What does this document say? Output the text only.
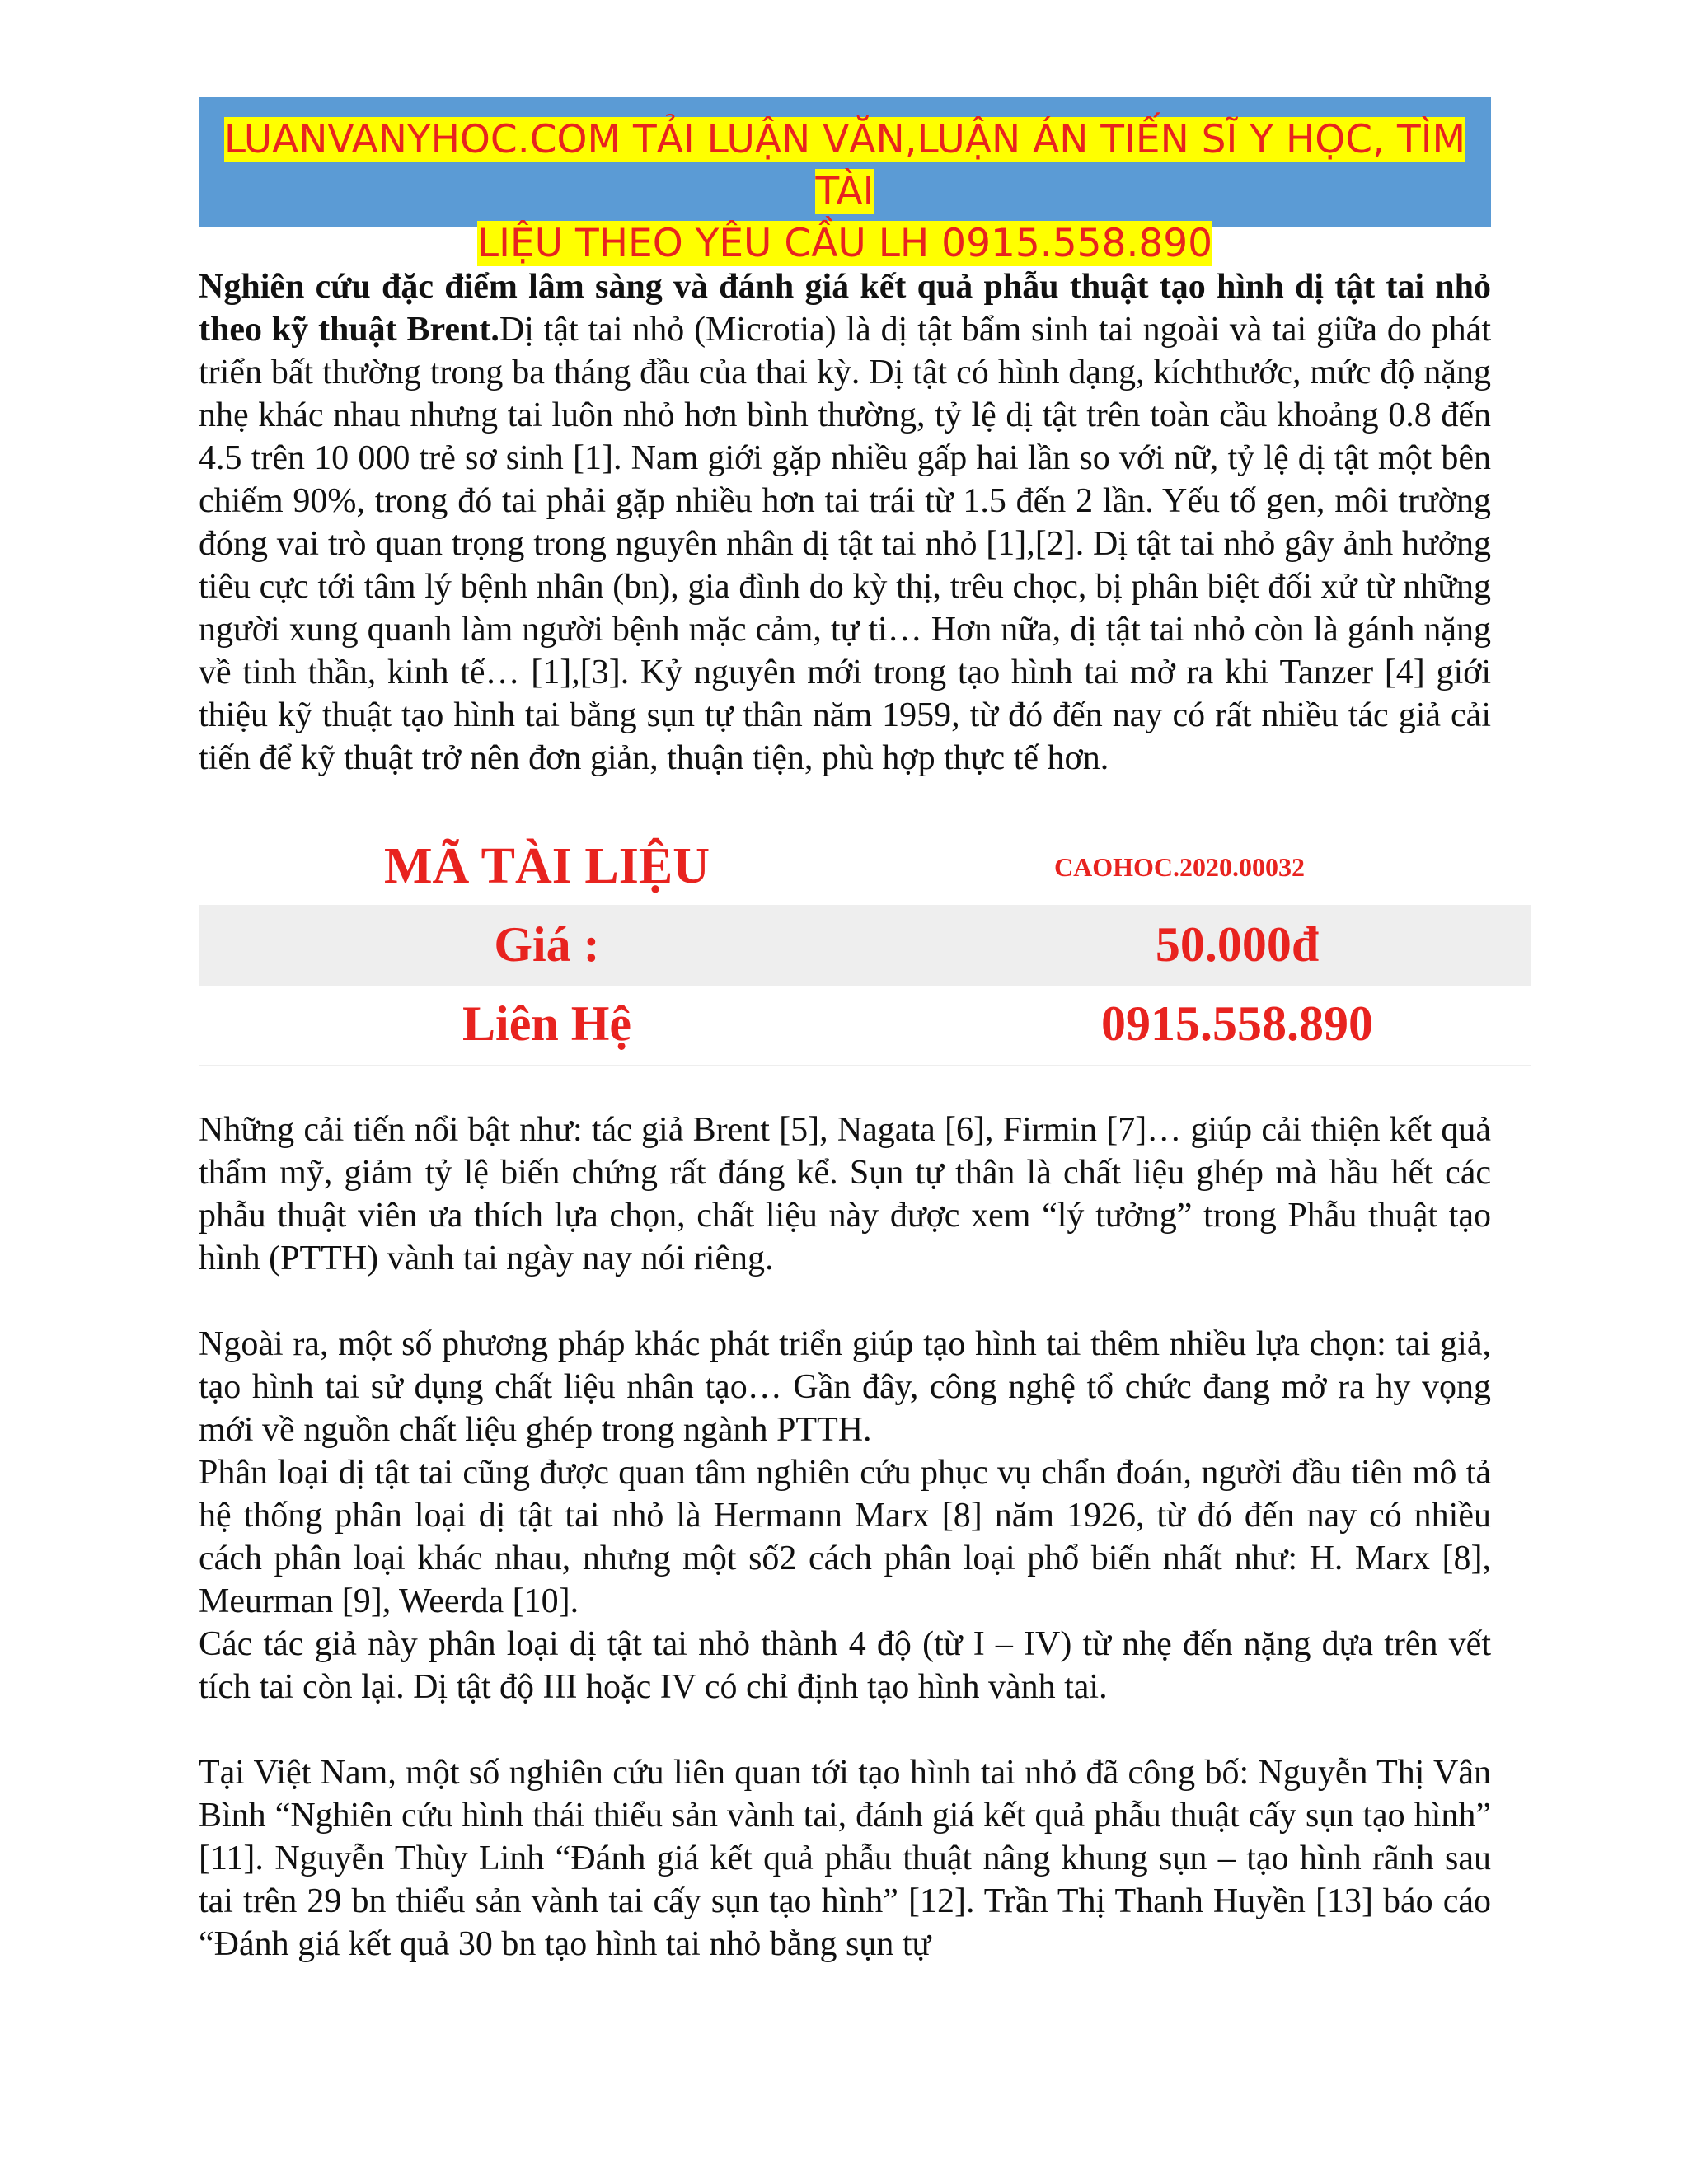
LUANVANYHOC.COM TẢI LUẬN VĂN,LUẬN ÁN TIẾN SĨ Y HỌC, TÌM TÀI
LIỆU THEO YÊU CẦU LH 0915.558.890

Nghiên cứu đặc điểm lâm sàng và đánh giá kết quả phẫu thuật tạo hình dị tật tai nhỏ theo kỹ thuật Brent.Dị tật tai nhỏ (Microtia) là dị tật bẩm sinh tai ngoài và tai giữa do phát triển bất thường trong ba tháng đầu của thai kỳ. Dị tật có hình dạng, kíchthước, mức độ nặng nhẹ khác nhau nhưng tai luôn nhỏ hơn bình thường, tỷ lệ dị tật trên toàn cầu khoảng 0.8 đến 4.5 trên 10 000 trẻ sơ sinh [1]. Nam giới gặp nhiều gấp hai lần so với nữ, tỷ lệ dị tật một bên chiếm 90%, trong đó tai phải gặp nhiều hơn tai trái từ 1.5 đến 2 lần. Yếu tố gen, môi trường đóng vai trò quan trọng trong nguyên nhân dị tật tai nhỏ [1],[2]. Dị tật tai nhỏ gây ảnh hưởng tiêu cực tới tâm lý bệnh nhân (bn), gia đình do kỳ thị, trêu chọc, bị phân biệt đối xử từ những người xung quanh làm người bệnh mặc cảm, tự ti… Hơn nữa, dị tật tai nhỏ còn là gánh nặng về tinh thần, kinh tế… [1],[3]. Kỷ nguyên mới trong tạo hình tai mở ra khi Tanzer [4] giới thiệu kỹ thuật tạo hình tai bằng sụn tự thân năm 1959, từ đó đến nay có rất nhiều tác giả cải tiến để kỹ thuật trở nên đơn giản, thuận tiện, phù hợp thực tế hơn.

MÃ TÀI LIỆU	CAOHOC.2020.00032
Giá :	50.000đ
Liên Hệ	0915.558.890

Những cải tiến nổi bật như: tác giả Brent [5], Nagata [6], Firmin [7]… giúp cải thiện kết quả thẩm mỹ, giảm tỷ lệ biến chứng rất đáng kể. Sụn tự thân là chất liệu ghép mà hầu hết các phẫu thuật viên ưa thích lựa chọn, chất liệu này được xem “lý tưởng” trong Phẫu thuật tạo hình (PTTH) vành tai ngày nay nói riêng.

Ngoài ra, một số phương pháp khác phát triển giúp tạo hình tai thêm nhiều lựa chọn: tai giả, tạo hình tai sử dụng chất liệu nhân tạo… Gần đây, công nghệ tổ chức đang mở ra hy vọng mới về nguồn chất liệu ghép trong ngành PTTH.

Phân loại dị tật tai cũng được quan tâm nghiên cứu phục vụ chẩn đoán, người đầu tiên mô tả hệ thống phân loại dị tật tai nhỏ là Hermann Marx [8] năm 1926, từ đó đến nay có nhiều cách phân loại khác nhau, nhưng một số2 cách phân loại phổ biến nhất như: H. Marx [8], Meurman [9], Weerda [10].

Các tác giả này phân loại dị tật tai nhỏ thành 4 độ (từ I – IV) từ nhẹ đến nặng dựa trên vết tích tai còn lại. Dị tật độ III hoặc IV có chỉ định tạo hình vành tai.

Tại Việt Nam, một số nghiên cứu liên quan tới tạo hình tai nhỏ đã công bố: Nguyễn Thị Vân Bình “Nghiên cứu hình thái thiểu sản vành tai, đánh giá kết quả phẫu thuật cấy sụn tạo hình” [11]. Nguyễn Thùy Linh “Đánh giá kết quả phẫu thuật nâng khung sụn – tạo hình rãnh sau tai trên 29 bn thiểu sản vành tai cấy sụn tạo hình” [12]. Trần Thị Thanh Huyền [13] báo cáo “Đánh giá kết quả 30 bn tạo hình tai nhỏ bằng sụn tự
